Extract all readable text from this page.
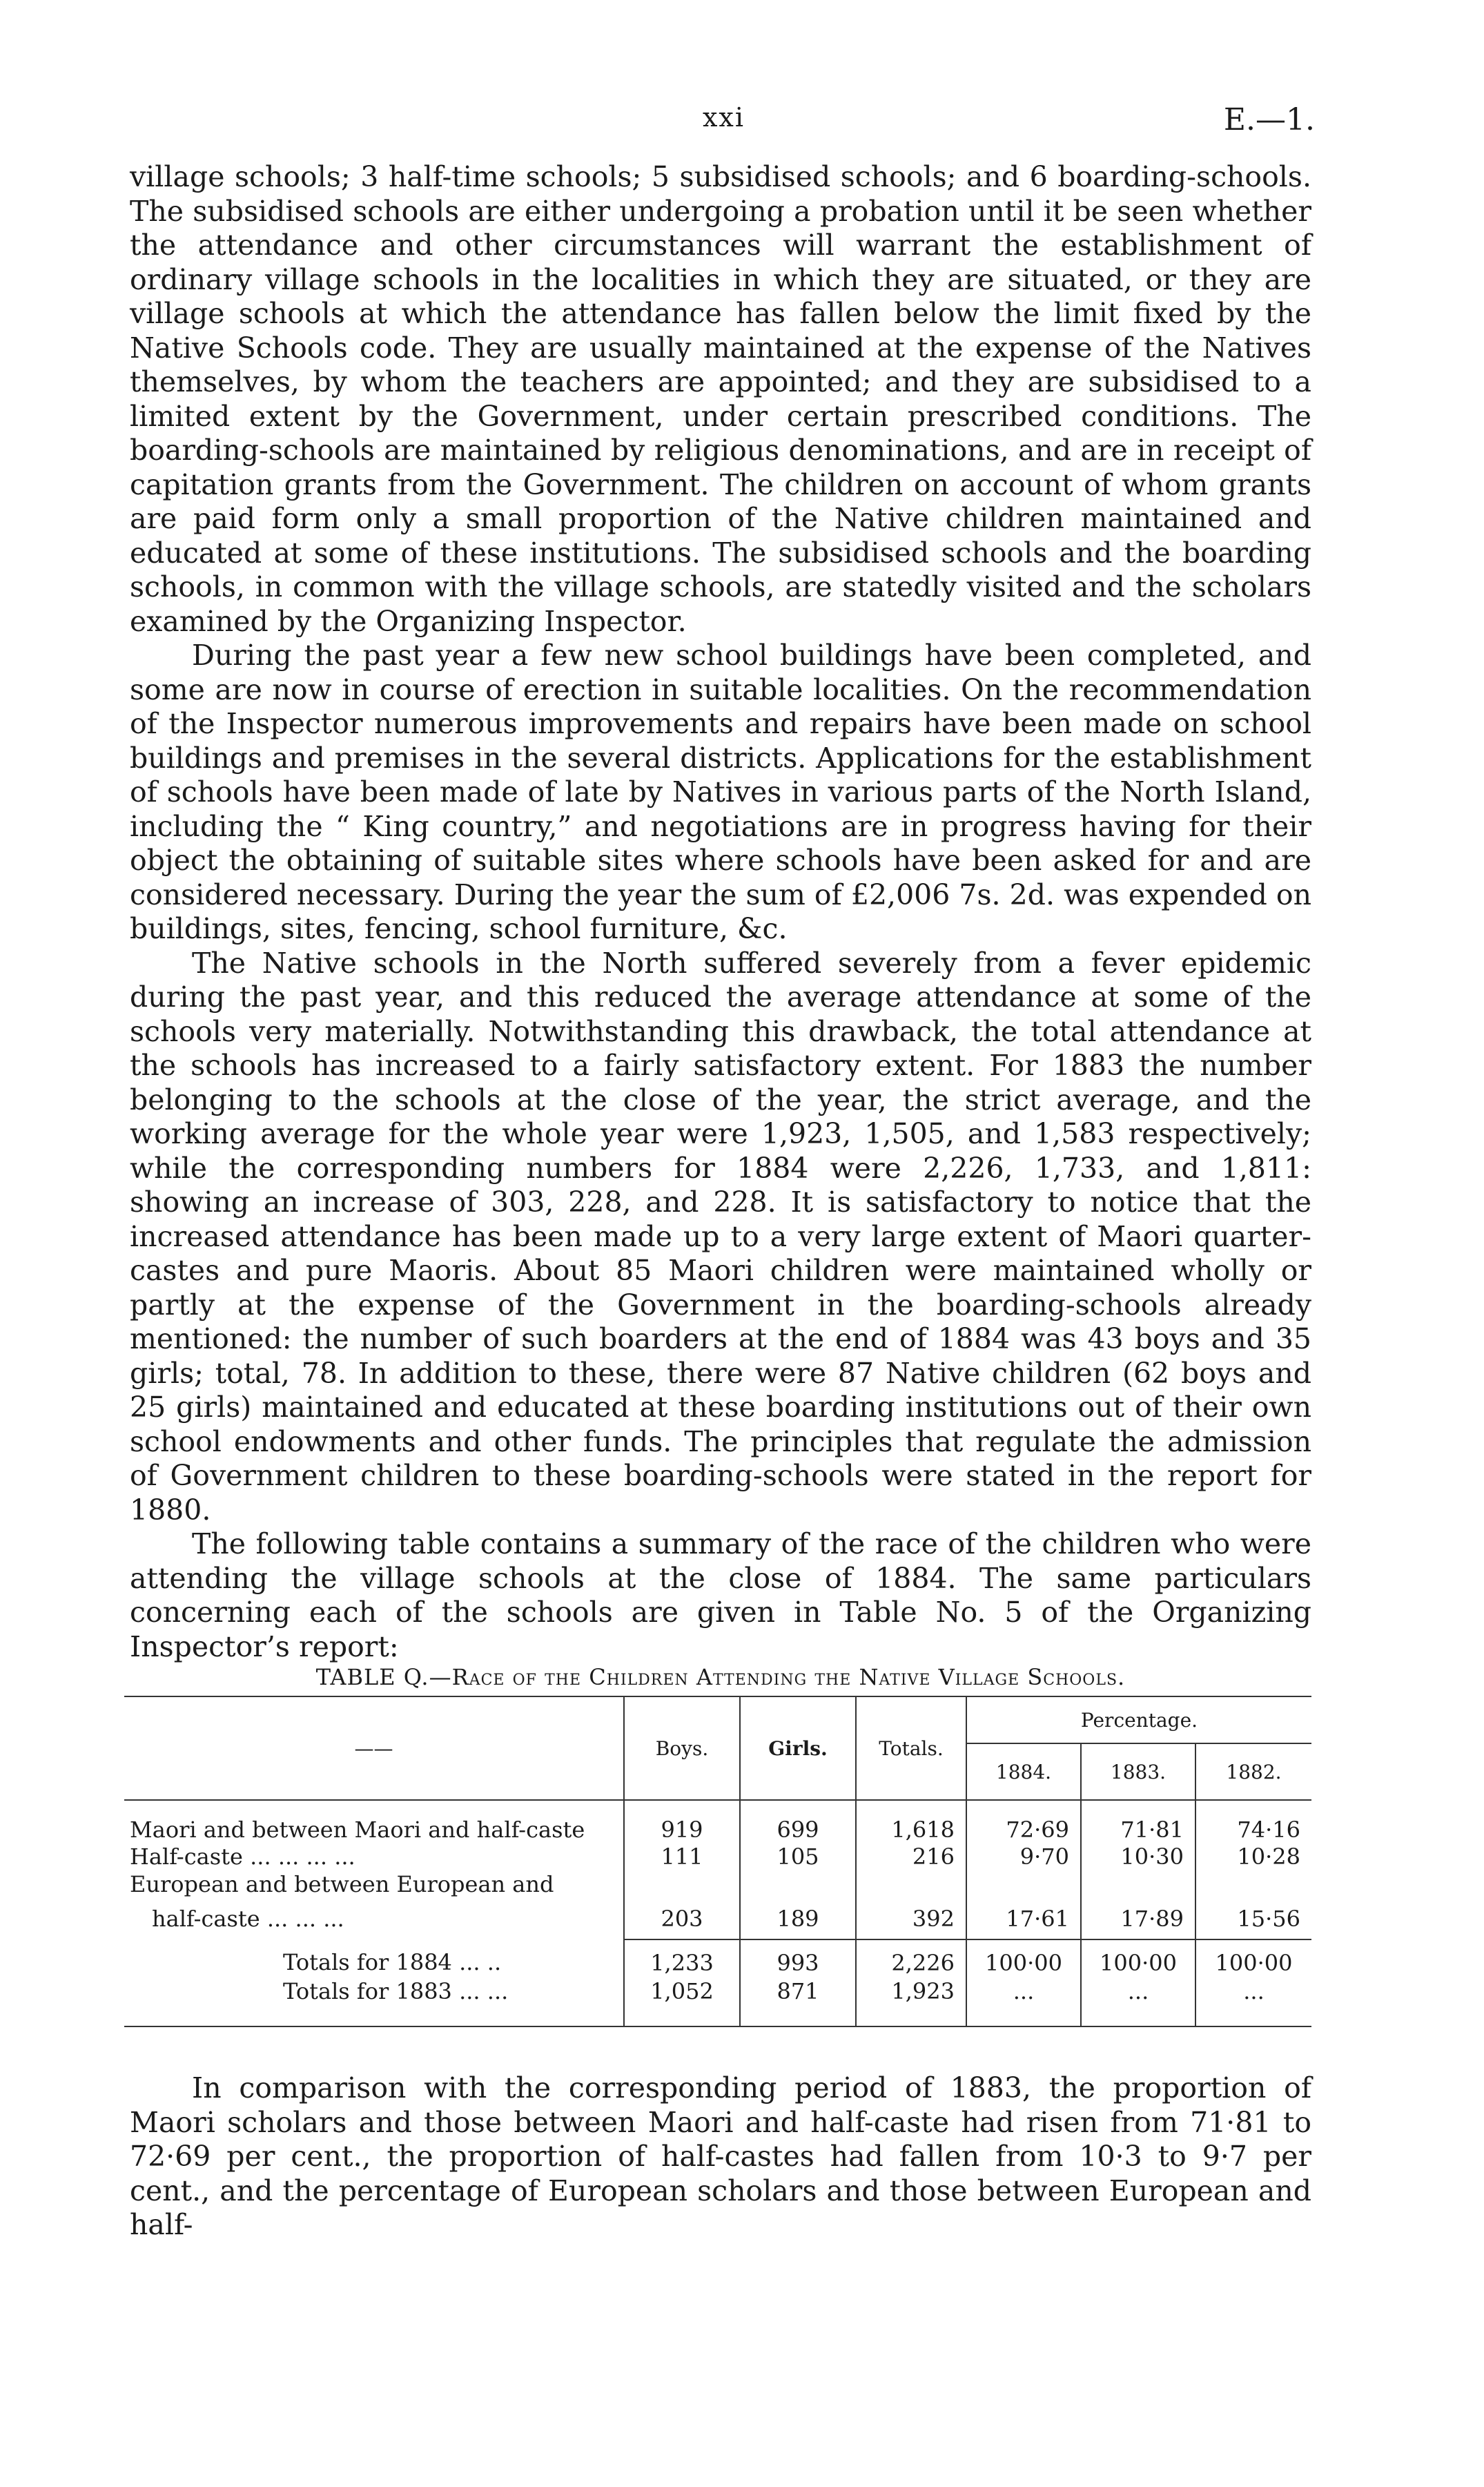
xxi	E.—1.

village schools; 3 half-time schools; 5 subsidised schools; and 6 boarding-schools. The subsidised schools are either undergoing a probation until it be seen whether the attendance and other circumstances will warrant the establishment of ordinary village schools in the localities in which they are situated, or they are village schools at which the attendance has fallen below the limit fixed by the Native Schools code. They are usually maintained at the expense of the Natives themselves, by whom the teachers are appointed; and they are subsidised to a limited extent by the Government, under certain prescribed conditions. The boarding-schools are maintained by religious denominations, and are in receipt of capitation grants from the Government. The children on account of whom grants are paid form only a small proportion of the Native children maintained and educated at some of these institutions. The subsidised schools and the boarding schools, in common with the village schools, are statedly visited and the scholars examined by the Organizing Inspector.

During the past year a few new school buildings have been completed, and some are now in course of erection in suitable localities. On the recommendation of the Inspector numerous improvements and repairs have been made on school buildings and premises in the several districts. Applications for the establishment of schools have been made of late by Natives in various parts of the North Island, including the “ King country,” and negotiations are in progress having for their object the obtaining of suitable sites where schools have been asked for and are considered necessary. During the year the sum of £2,006 7s. 2d. was expended on buildings, sites, fencing, school furniture, &c.

The Native schools in the North suffered severely from a fever epidemic during the past year, and this reduced the average attendance at some of the schools very materially. Notwithstanding this drawback, the total attendance at the schools has increased to a fairly satisfactory extent. For 1883 the number belonging to the schools at the close of the year, the strict average, and the working average for the whole year were 1,923, 1,505, and 1,583 respectively; while the corresponding numbers for 1884 were 2,226, 1,733, and 1,811: showing an increase of 303, 228, and 228. It is satisfactory to notice that the increased attendance has been made up to a very large extent of Maori quarter-castes and pure Maoris. About 85 Maori children were maintained wholly or partly at the expense of the Government in the boarding-schools already mentioned: the number of such boarders at the end of 1884 was 43 boys and 35 girls; total, 78. In addition to these, there were 87 Native children (62 boys and 25 girls) maintained and educated at these boarding institutions out of their own school endowments and other funds. The principles that regulate the admission of Government children to these boarding-schools were stated in the report for 1880.

The following table contains a summary of the race of the children who were attending the village schools at the close of 1884. The same particulars concerning each of the schools are given in Table No. 5 of the Organizing Inspector’s report:

TABLE Q.—Race of the Children Attending the Native Village Schools.
——	Boys.	Girls.	Totals.	Percentage.		
				1884.	1883.	1882.
Maori and between Maori and half-caste	919	699	1,618	72·69	71·81	74·16
Half-caste ... ... ... ...	111	105	216	9·70	10·30	10·28
European and between European and						
half-caste ... ... ...	203	189	392	17·61	17·89	15·56
Totals for 1884 ... ..	1,233	993	2,226	100·00	100·00	100·00
Totals for 1883 ... ...	1,052	871	1,923	...	...	...

In comparison with the corresponding period of 1883, the proportion of Maori scholars and those between Maori and half-caste had risen from 71·81 to 72·69 per cent., the proportion of half-castes had fallen from 10·3 to 9·7 per cent., and the percentage of European scholars and those between European and half-
